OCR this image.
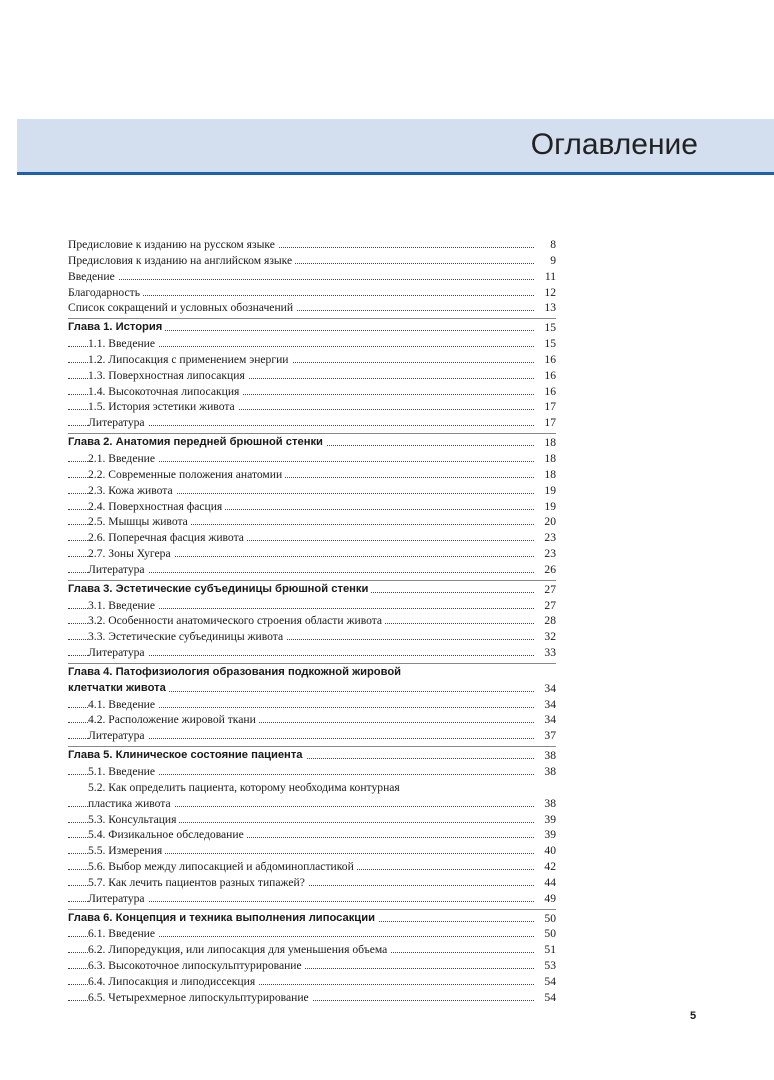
Оглавление
Предисловие к изданию на русском языке	8
Предисловия к изданию на английском языке	9
Введение	11
Благодарность	12
Список сокращений и условных обозначений	13
Глава 1. История	15
1.1. Введение	15
1.2. Липосакция с применением энергии	16
1.3. Поверхностная липосакция	16
1.4. Высокоточная липосакция	16
1.5. История эстетики живота	17
Литература	17
Глава 2. Анатомия передней брюшной стенки	18
2.1. Введение	18
2.2. Современные положения анатомии	18
2.3. Кожа живота	19
2.4. Поверхностная фасция	19
2.5. Мышцы живота	20
2.6. Поперечная фасция живота	23
2.7. Зоны Хугера	23
Литература	26
Глава 3. Эстетические субъединицы брюшной стенки	27
3.1. Введение	27
3.2. Особенности анатомического строения области живота	28
3.3. Эстетические субъединицы живота	32
Литература	33
Глава 4. Патофизиология образования подкожной жировой
клетчатки живота	34
4.1. Введение	34
4.2. Расположение жировой ткани	34
Литература	37
Глава 5. Клиническое состояние пациента	38
5.1. Введение	38
5.2. Как определить пациента, которому необходима контурная
пластика живота	38
5.3. Консультация	39
5.4. Физикальное обследование	39
5.5. Измерения	40
5.6. Выбор между липосакцией и абдоминопластикой	42
5.7. Как лечить пациентов разных типажей?	44
Литература	49
Глава 6. Концепция и техника выполнения липосакции	50
6.1. Введение	50
6.2. Липоредукция, или липосакция для уменьшения объема	51
6.3. Высокоточное липоскульптурирование	53
6.4. Липосакция и липодиссекция	54
6.5. Четырехмерное липоскульптурирование	54
5
